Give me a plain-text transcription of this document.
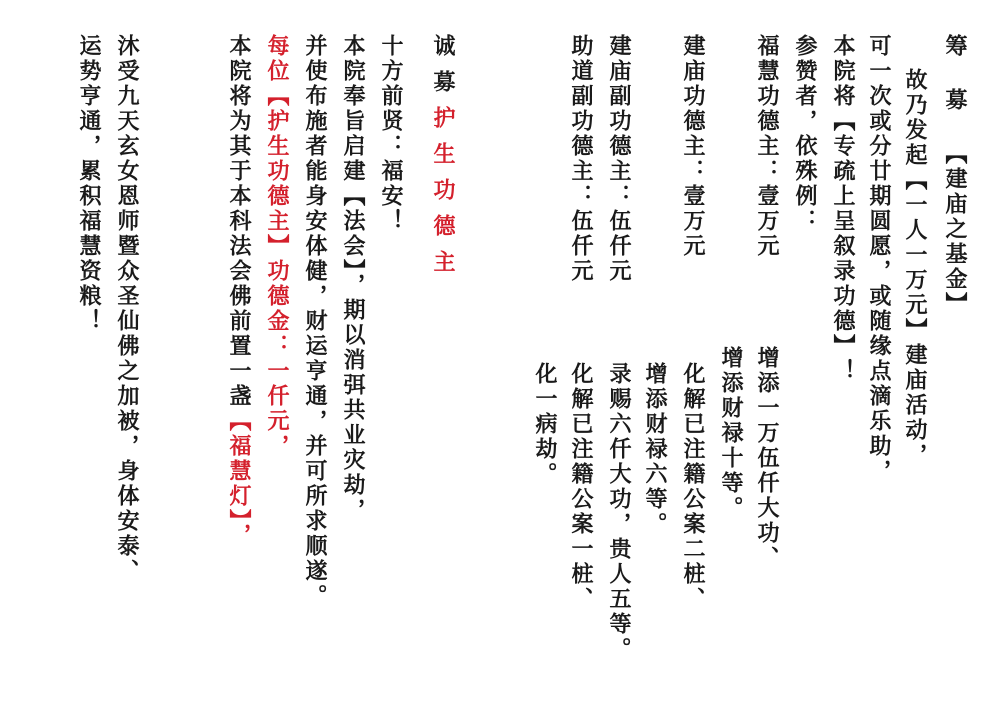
筹 募 【建庙之基金】
故乃发起【一人一万元】建庙活动，
可一次或分廿期圆愿，或随缘点滴乐助，
本院将【专疏上呈叙录功德】！
参赞者，依殊例：
福慧功德主：壹万元
增添一万伍仟大功、
增添财禄十等。
建庙功德主：壹万元
化解已注籍公案二桩、
增添财禄六等。
建庙副功德主：伍仟元
录赐六仟大功，贵人五等。
助道副功德主：伍仟元
化解已注籍公案一桩、
化一病劫。
诚募护生功德主
十方前贤：福安！
本院奉旨启建【法会】，期以消弭共业灾劫，
并使布施者能身安体健，财运亨通，并可所求顺遂。
每位【护生功德主】功德金：一仟元，
本院将为其于本科法会佛前置一盏【福慧灯】，
沐受九天玄女恩师暨众圣仙佛之加被，身体安泰、
运势亨通，累积福慧资粮！
